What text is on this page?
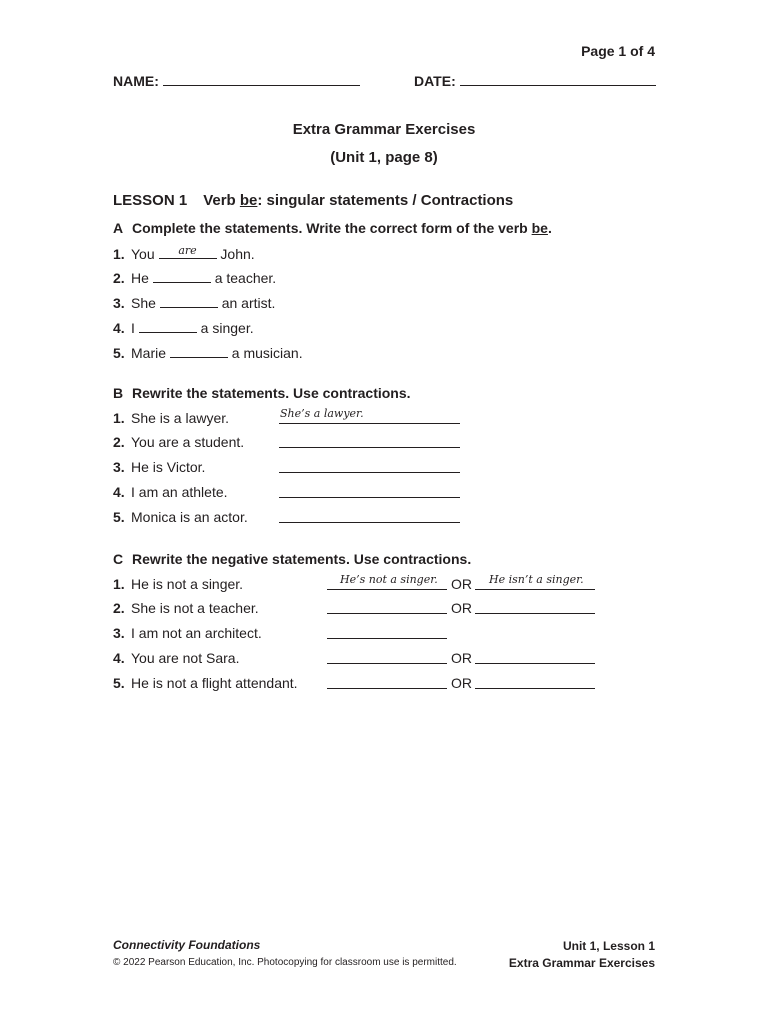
Page 1 of 4
NAME:	DATE:
Extra Grammar Exercises
(Unit 1, page 8)
LESSON 1 Verb be: singular statements / Contractions
A Complete the statements. Write the correct form of the verb be.
1. You	are	John.
2. He	a teacher.
3. She	an artist.
4. I	a singer.
5. Marie	a musician.
B Rewrite the statements. Use contractions.
1. She is a lawyer.	She’s a lawyer.
2. You are a student.
3. He is Victor.
4. I am an athlete.
5. Monica is an actor.
C Rewrite the negative statements. Use contractions.
1. He is not a singer.	He’s not a singer. OR He isn’t a singer.
2. She is not a teacher.	OR
3. I am not an architect.
4. You are not Sara.	OR
5. He is not a flight attendant.	OR
Connectivity Foundations
© 2022 Pearson Education, Inc. Photocopying for classroom use is permitted.
Unit 1, Lesson 1
Extra Grammar Exercises
